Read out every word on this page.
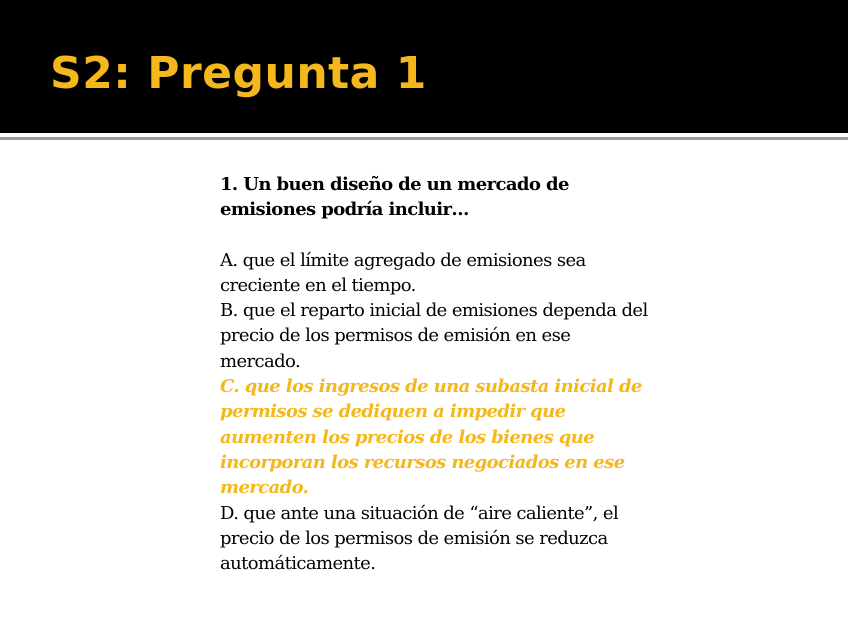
S2: Pregunta 1

1. Un buen diseño de un mercado de emisiones podría incluir…

A. que el límite agregado de emisiones sea creciente en el tiempo.

B. que el reparto inicial de emisiones dependa del precio de los permisos de emisión en ese mercado.

C. que los ingresos de una subasta inicial de permisos se dediquen a impedir que aumenten los precios de los bienes que incorporan los recursos negociados en ese mercado.

D. que ante una situación de “aire caliente”, el precio de los permisos de emisión se reduzca automáticamente.
